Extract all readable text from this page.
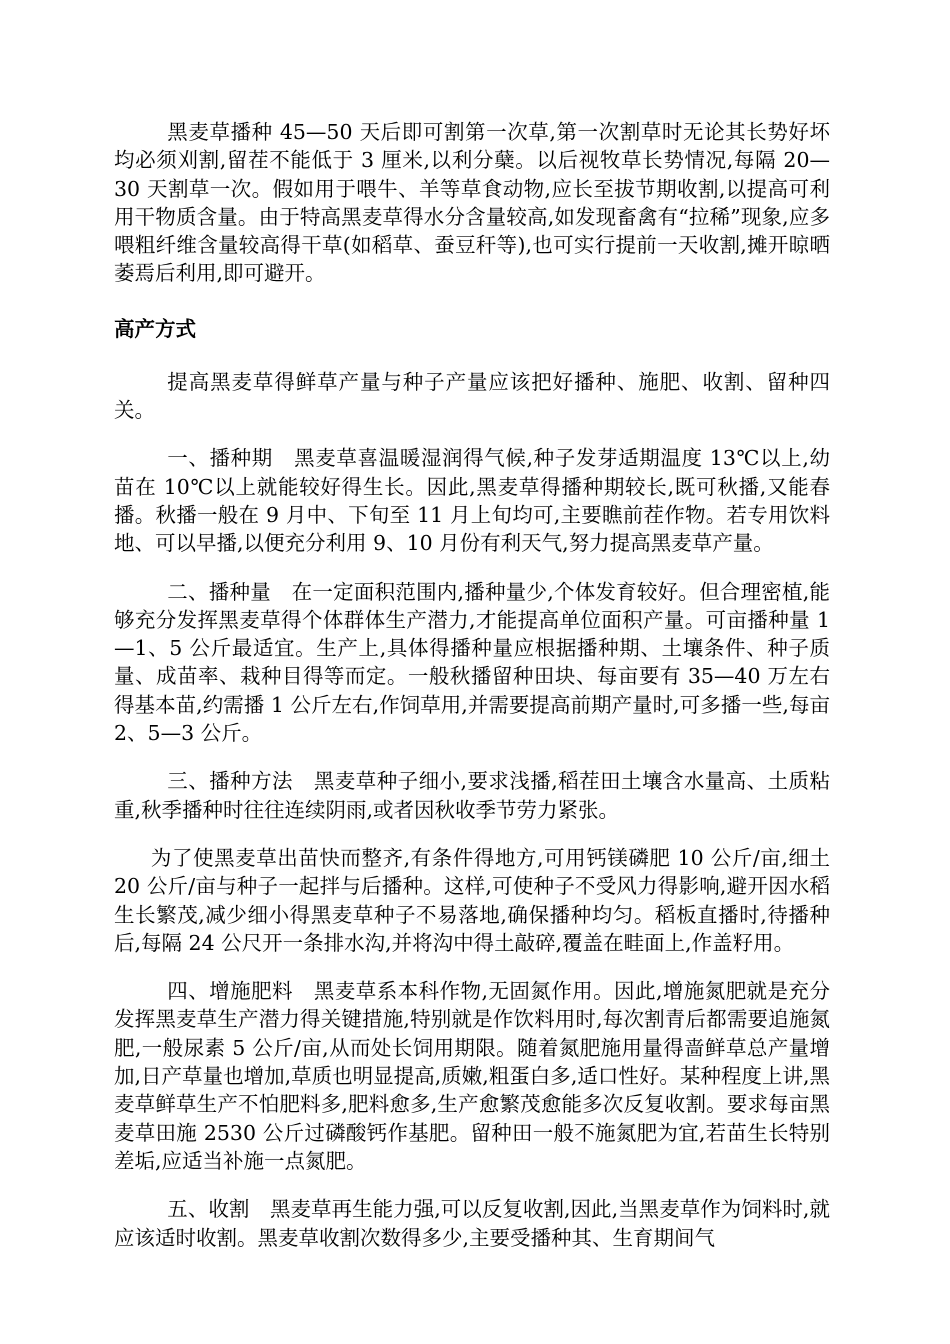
黑麦草播种 45—50 天后即可割第一次草,第一次割草时无论其长势好坏均必须刈割,留茬不能低于 3 厘米,以利分蘖。以后视牧草长势情况,每隔 20—30 天割草一次。假如用于喂牛、羊等草食动物,应长至拔节期收割,以提高可利用干物质含量。由于特高黑麦草得水分含量较高,如发现畜禽有“拉稀”现象,应多喂粗纤维含量较高得干草(如稻草、蚕豆秆等),也可实行提前一天收割,摊开晾晒萎焉后利用,即可避开。

高产方式

提高黑麦草得鲜草产量与种子产量应该把好播种、施肥、收割、留种四关。

一、播种期　黑麦草喜温暖湿润得气候,种子发芽适期温度 13℃以上,幼苗在 10℃以上就能较好得生长。因此,黑麦草得播种期较长,既可秋播,又能春播。秋播一般在 9 月中、下旬至 11 月上旬均可,主要瞧前茬作物。若专用饮料地、可以早播,以便充分利用 9、10 月份有利天气,努力提高黑麦草产量。

二、播种量　在一定面积范围内,播种量少,个体发育较好。但合理密植,能够充分发挥黑麦草得个体群体生产潜力,才能提高单位面积产量。可亩播种量 1—1、5 公斤最适宜。生产上,具体得播种量应根据播种期、土壤条件、种子质量、成苗率、栽种目得等而定。一般秋播留种田块、每亩要有 35—40 万左右得基本苗,约需播 1 公斤左右,作饲草用,并需要提高前期产量时,可多播一些,每亩 2、5—3 公斤。

三、播种方法　黑麦草种子细小,要求浅播,稻茬田土壤含水量高、土质粘重,秋季播种时往往连续阴雨,或者因秋收季节劳力紧张。

为了使黑麦草出苗快而整齐,有条件得地方,可用钙镁磷肥 10 公斤/亩,细土 20 公斤/亩与种子一起拌与后播种。这样,可使种子不受风力得影响,避开因水稻生长繁茂,减少细小得黑麦草种子不易落地,确保播种均匀。稻板直播时,待播种后,每隔 24 公尺开一条排水沟,并将沟中得土敲碎,覆盖在畦面上,作盖籽用。

四、增施肥料　黑麦草系本科作物,无固氮作用。因此,增施氮肥就是充分发挥黑麦草生产潜力得关键措施,特别就是作饮料用时,每次割青后都需要追施氮肥,一般尿素 5 公斤/亩,从而处长饲用期限。随着氮肥施用量得啬鲜草总产量增加,日产草量也增加,草质也明显提高,质嫩,粗蛋白多,适口性好。某种程度上讲,黑麦草鲜草生产不怕肥料多,肥料愈多,生产愈繁茂愈能多次反复收割。要求每亩黑麦草田施 2530 公斤过磷酸钙作基肥。留种田一般不施氮肥为宜,若苗生长特别差垢,应适当补施一点氮肥。

五、收割　黑麦草再生能力强,可以反复收割,因此,当黑麦草作为饲料时,就应该适时收割。黑麦草收割次数得多少,主要受播种其、生育期间气
